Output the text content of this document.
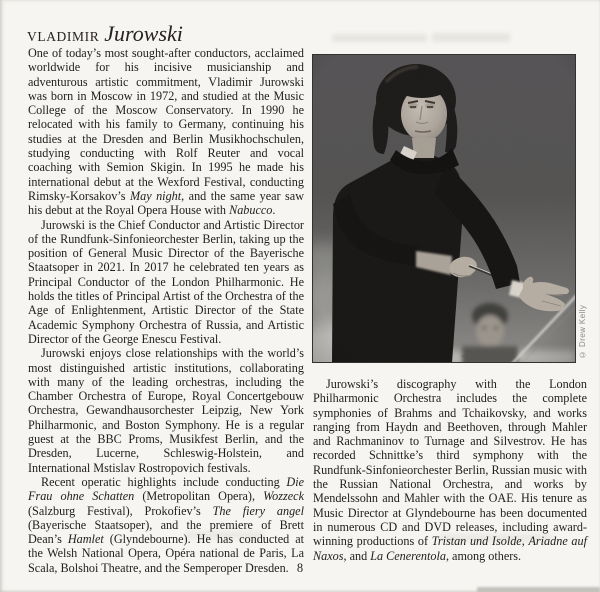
VLADIMIR Jurowski

One of today’s most sought-after conductors, acclaimed worldwide for his incisive musicianship and adventurous artistic commitment, Vladimir Jurowski was born in Moscow in 1972, and studied at the Music College of the Moscow Conservatory. In 1990 he relocated with his family to Germany, continuing his studies at the Dresden and Berlin Musikhochschulen, studying conducting with Rolf Reuter and vocal coaching with Semion Skigin. In 1995 he made his international debut at the Wexford Festival, conducting Rimsky-Korsakov’s May night, and the same year saw his debut at the Royal Opera House with Nabucco.

Jurowski is the Chief Conductor and Artistic Director of the Rundfunk-Sinfonieorchester Berlin, taking up the position of General Music Director of the Bayerische Staatsoper in 2021. In 2017 he celebrated ten years as Principal Conductor of the London Philharmonic. He holds the titles of Principal Artist of the Orchestra of the Age of Enlightenment, Artistic Director of the State Academic Symphony Orchestra of Russia, and Artistic Director of the George Enescu Festival.

Jurowski enjoys close relationships with the world’s most distinguished artistic institutions, collaborating with many of the leading orchestras, including the Chamber Orchestra of Europe, Royal Concertgebouw Orchestra, Gewandhausorchester Leipzig, New York Philharmonic, and Boston Symphony. He is a regular guest at the BBC Proms, Musikfest Berlin, and the Dresden, Lucerne, Schleswig-Holstein, and International Mstislav Rostropovich festivals.

Recent operatic highlights include conducting Die Frau ohne Schatten (Metropolitan Opera), Wozzeck (Salzburg Festival), Prokofiev’s The fiery angel (Bayerische Staatsoper), and the premiere of Brett Dean’s Hamlet (Glyndebourne). He has conducted at the Welsh National Opera, Opéra national de Paris, La Scala, Bolshoi Theatre, and the Semperoper Dresden.

© Drew Kelly

Jurowski’s discography with the London Philharmonic Orchestra includes the complete symphonies of Brahms and Tchaikovsky, and works ranging from Haydn and Beethoven, through Mahler and Rachmaninov to Turnage and Silvestrov. He has recorded Schnittke’s third symphony with the Rundfunk-Sinfonieorchester Berlin, Russian music with the Russian National Orchestra, and works by Mendelssohn and Mahler with the OAE. His tenure as Music Director at Glyndebourne has been documented in numerous CD and DVD releases, including award-winning productions of Tristan und Isolde, Ariadne auf Naxos, and La Cenerentola, among others.

8
